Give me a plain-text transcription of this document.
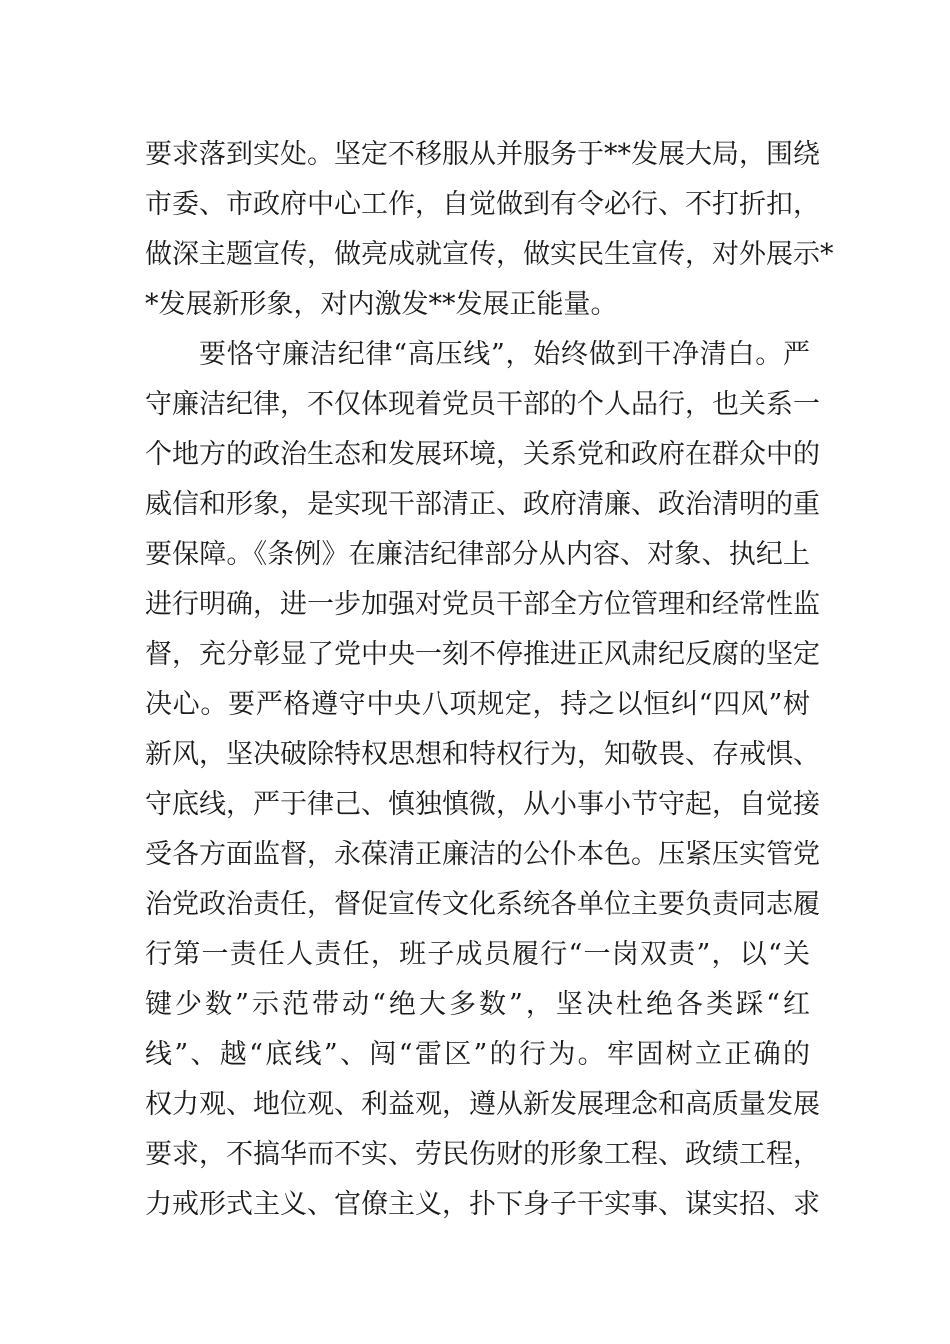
要求落到实处。坚定不移服从并服务于**发展大局，围绕
市委、市政府中心工作，自觉做到有令必行、不打折扣，
做深主题宣传，做亮成就宣传，做实民生宣传，对外展示*
*发展新形象，对内激发**发展正能量。
要恪守廉洁纪律“高压线”，始终做到干净清白。严
守廉洁纪律，不仅体现着党员干部的个人品行，也关系一
个地方的政治生态和发展环境，关系党和政府在群众中的
威信和形象，是实现干部清正、政府清廉、政治清明的重
要保障。《条例》在廉洁纪律部分从内容、对象、执纪上
进行明确，进一步加强对党员干部全方位管理和经常性监
督，充分彰显了党中央一刻不停推进正风肃纪反腐的坚定
决心。要严格遵守中央八项规定，持之以恒纠“四风”树
新风，坚决破除特权思想和特权行为，知敬畏、存戒惧、
守底线，严于律己、慎独慎微，从小事小节守起，自觉接
受各方面监督，永葆清正廉洁的公仆本色。压紧压实管党
治党政治责任，督促宣传文化系统各单位主要负责同志履
行第一责任人责任，班子成员履行“一岗双责”，以“关
键少数”示范带动“绝大多数”，坚决杜绝各类踩“红
线”、越“底线”、闯“雷区”的行为。牢固树立正确的
权力观、地位观、利益观，遵从新发展理念和高质量发展
要求，不搞华而不实、劳民伤财的形象工程、政绩工程，
力戒形式主义、官僚主义，扑下身子干实事、谋实招、求
